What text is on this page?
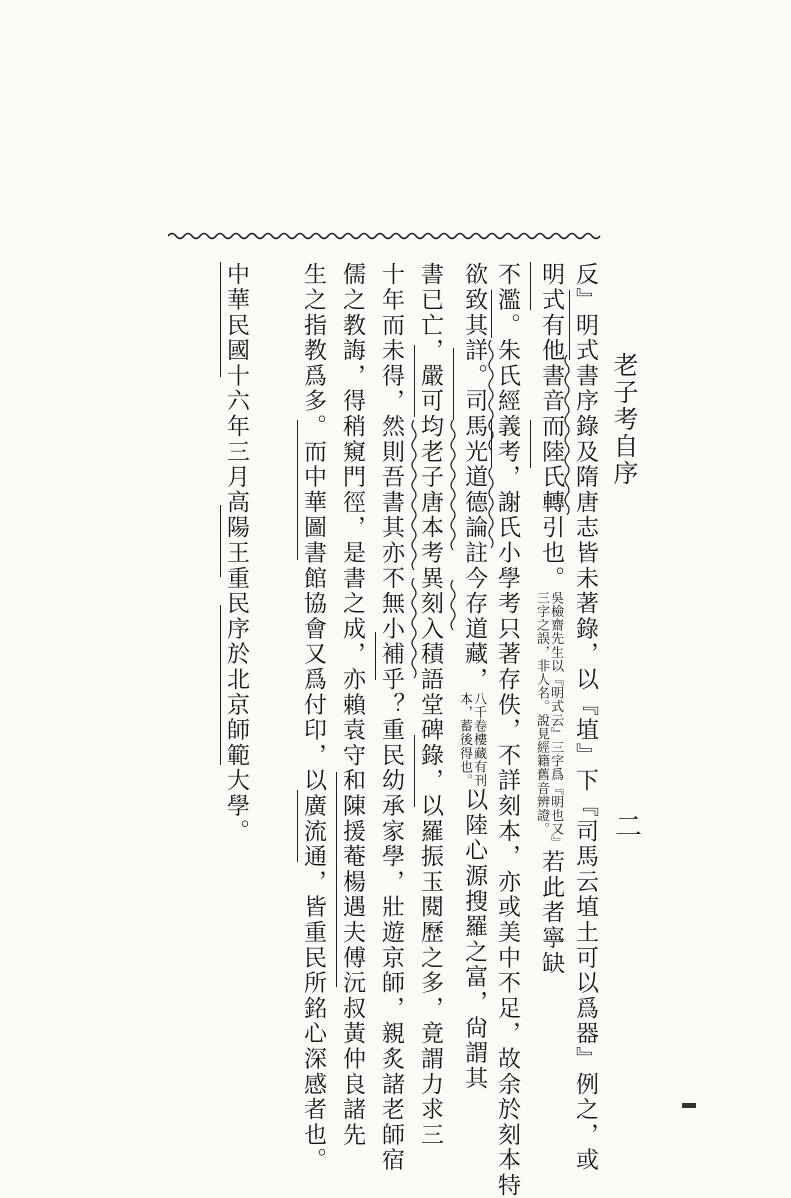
老子考自序
二
反』明式書序錄及隋唐志皆未著錄，以『埴』下『司馬云埴土可以爲器』例之，或
明式有他書音而陸氏轉引也。吳檢齋先生以『明式云』三字爲『明也又』
三字之誤，非人名。說見經籍舊音辨證。若此者寧缺
不濫。朱氏經義考，謝氏小學考只著存佚，不詳刻本，亦或美中不足，故余於刻本特
欲致其詳。司馬光道德論註今存道藏，八千卷樓藏有刊
本，蓄後得也。以陸心源搜羅之富，尙謂其
書已亡，嚴可均老子唐本考異刻入積語堂碑錄，以羅振玉閱歷之多，竟謂力求三
十年而未得，然則吾書其亦不無小補乎？重民幼承家學，壯遊京師，親炙諸老師宿
儒之教誨，得稍窺門徑，是書之成，亦賴袁守和陳援菴楊遇夫傅沅叔黃仲良諸先
生之指教爲多。而中華圖書館協會又爲付印，以廣流通，皆重民所銘心深感者也。
中華民國十六年三月高陽王重民序於北京師範大學。
